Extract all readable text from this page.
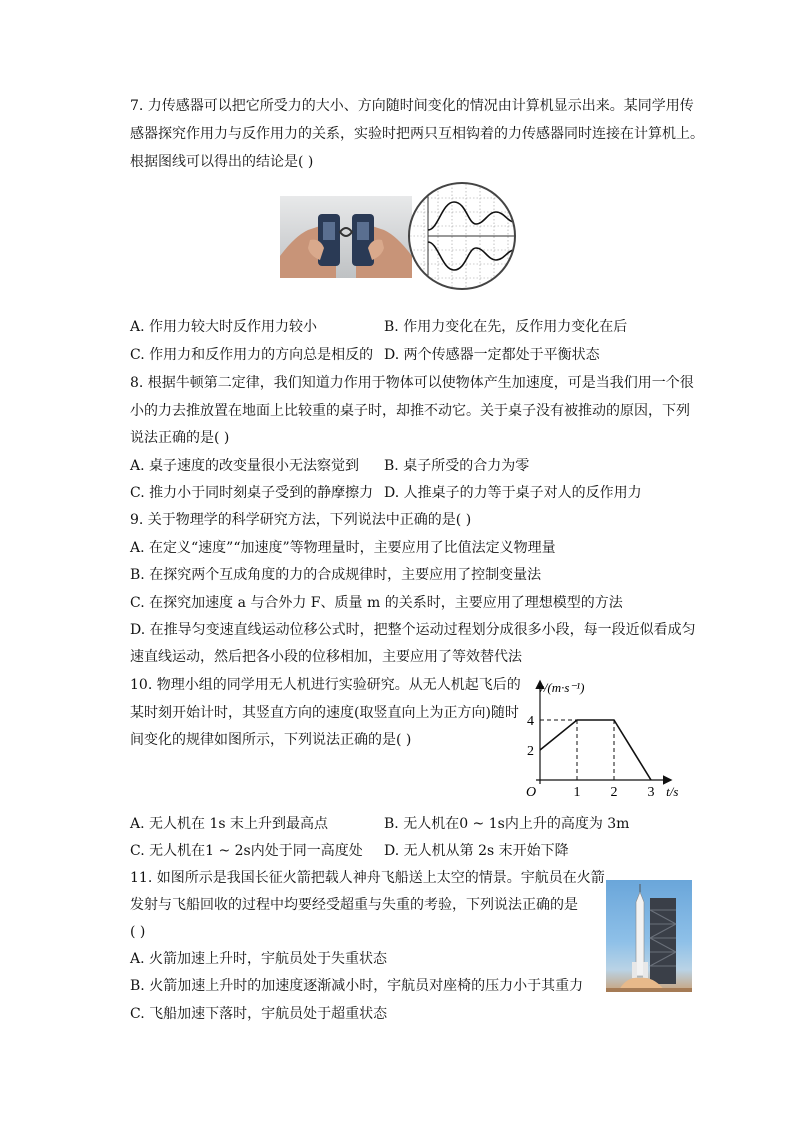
7. 力传感器可以把它所受力的大小、方向随时间变化的情况由计算机显示出来。某同学用传
感器探究作用力与反作用力的关系，实验时把两只互相钩着的力传感器同时连接在计算机上。
根据图线可以得出的结论是( )
A. 作用力较大时反作用力较小	B. 作用力变化在先，反作用力变化在后
C. 作用力和反作用力的方向总是相反的 D. 两个传感器一定都处于平衡状态
8. 根据牛顿第二定律，我们知道力作用于物体可以使物体产生加速度，可是当我们用一个很
小的力去推放置在地面上比较重的桌子时，却推不动它。关于桌子没有被推动的原因，下列
说法正确的是( )
A. 桌子速度的改变量很小无法察觉到 B. 桌子所受的合力为零
C. 推力小于同时刻桌子受到的静摩擦力 D. 人推桌子的力等于桌子对人的反作用力
9. 关于物理学的科学研究方法，下列说法中正确的是( )
A. 在定义“速度”“加速度”等物理量时，主要应用了比值法定义物理量
B. 在探究两个互成角度的力的合成规律时，主要应用了控制变量法
C. 在探究加速度 a 与合外力 F、质量 m 的关系时，主要应用了理想模型的方法
D. 在推导匀变速直线运动位移公式时，把整个运动过程划分成很多小段，每一段近似看成匀
速直线运动，然后把各小段的位移相加，主要应用了等效替代法
10. 物理小组的同学用无人机进行实验研究。从无人机起飞后的
某时刻开始计时，其竖直方向的速度(取竖直向上为正方向)随时
间变化的规律如图所示，下列说法正确的是( )
v/(m·s⁻¹)
t/s
O	1 2 3
2
4
A. 无人机在 1s 末上升到最高点	B. 无人机在0 ~ 1s内上升的高度为 3m
C. 无人机在1 ~ 2s内处于同一高度处 D. 无人机从第 2s 末开始下降
11. 如图所示是我国长征火箭把载人神舟飞船送上太空的情景。宇航员在火箭
发射与飞船回收的过程中均要经受超重与失重的考验，下列说法正确的是
( )
A. 火箭加速上升时，宇航员处于失重状态
B. 火箭加速上升时的加速度逐渐减小时，宇航员对座椅的压力小于其重力
C. 飞船加速下落时，宇航员处于超重状态
